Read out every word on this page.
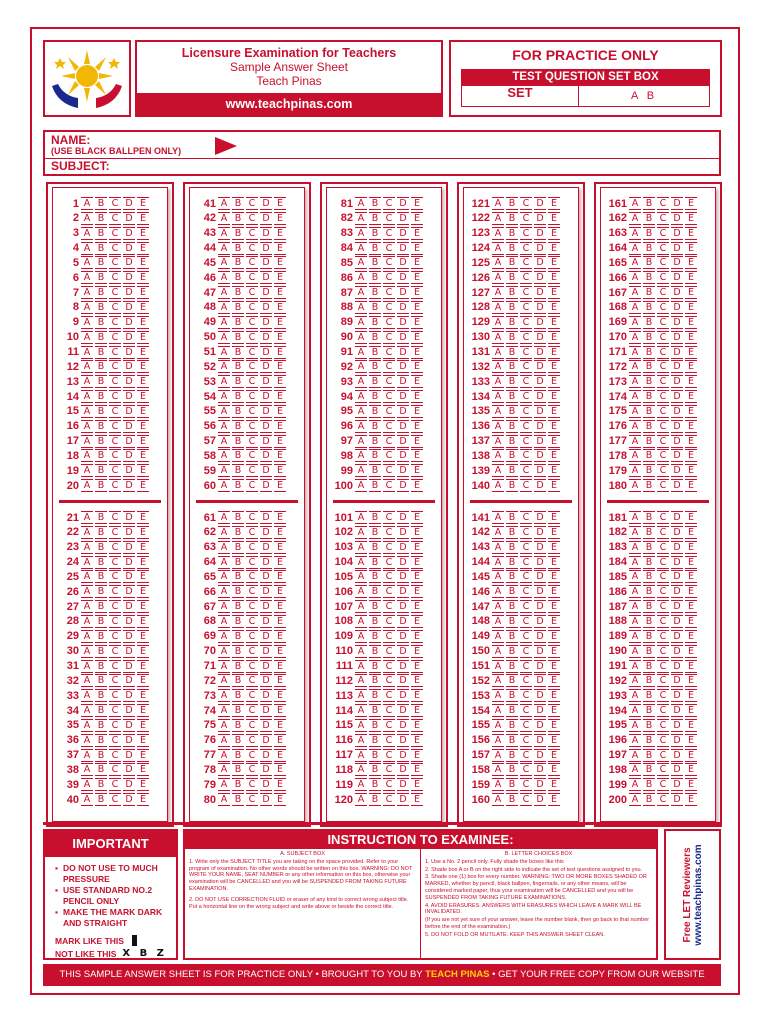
Licensure Examination for Teachers
Sample Answer Sheet
Teach Pinas
www.teachpinas.com
FOR PRACTICE ONLY
TEST QUESTION SET BOX
SET	A B
NAME:
(USE BLACK BALLPEN ONLY)
SUBJECT:
1 A B C D E
2 A B C D E
3 A B C D E
4 A B C D E
5 A B C D E
6 A B C D E
7 A B C D E
8 A B C D E
9 A B C D E
10 A B C D E
11 A B C D E
12 A B C D E
13 A B C D E
14 A B C D E
15 A B C D E
16 A B C D E
17 A B C D E
18 A B C D E
19 A B C D E
20 A B C D E
21 A B C D E
22 A B C D E
23 A B C D E
24 A B C D E
25 A B C D E
26 A B C D E
27 A B C D E
28 A B C D E
29 A B C D E
30 A B C D E
31 A B C D E
32 A B C D E
33 A B C D E
34 A B C D E
35 A B C D E
36 A B C D E
37 A B C D E
38 A B C D E
39 A B C D E
40 A B C D E
41 A B C D E
42 A B C D E
43 A B C D E
44 A B C D E
45 A B C D E
46 A B C D E
47 A B C D E
48 A B C D E
49 A B C D E
50 A B C D E
51 A B C D E
52 A B C D E
53 A B C D E
54 A B C D E
55 A B C D E
56 A B C D E
57 A B C D E
58 A B C D E
59 A B C D E
60 A B C D E
61 A B C D E
62 A B C D E
63 A B C D E
64 A B C D E
65 A B C D E
66 A B C D E
67 A B C D E
68 A B C D E
69 A B C D E
70 A B C D E
71 A B C D E
72 A B C D E
73 A B C D E
74 A B C D E
75 A B C D E
76 A B C D E
77 A B C D E
78 A B C D E
79 A B C D E
80 A B C D E
81 A B C D E
82 A B C D E
83 A B C D E
84 A B C D E
85 A B C D E
86 A B C D E
87 A B C D E
88 A B C D E
89 A B C D E
90 A B C D E
91 A B C D E
92 A B C D E
93 A B C D E
94 A B C D E
95 A B C D E
96 A B C D E
97 A B C D E
98 A B C D E
99 A B C D E
100 A B C D E
101 A B C D E
102 A B C D E
103 A B C D E
104 A B C D E
105 A B C D E
106 A B C D E
107 A B C D E
108 A B C D E
109 A B C D E
110 A B C D E
111 A B C D E
112 A B C D E
113 A B C D E
114 A B C D E
115 A B C D E
116 A B C D E
117 A B C D E
118 A B C D E
119 A B C D E
120 A B C D E
121 A B C D E
122 A B C D E
123 A B C D E
124 A B C D E
125 A B C D E
126 A B C D E
127 A B C D E
128 A B C D E
129 A B C D E
130 A B C D E
131 A B C D E
132 A B C D E
133 A B C D E
134 A B C D E
135 A B C D E
136 A B C D E
137 A B C D E
138 A B C D E
139 A B C D E
140 A B C D E
141 A B C D E
142 A B C D E
143 A B C D E
144 A B C D E
145 A B C D E
146 A B C D E
147 A B C D E
148 A B C D E
149 A B C D E
150 A B C D E
151 A B C D E
152 A B C D E
153 A B C D E
154 A B C D E
155 A B C D E
156 A B C D E
157 A B C D E
158 A B C D E
159 A B C D E
160 A B C D E
161 A B C D E
162 A B C D E
163 A B C D E
164 A B C D E
165 A B C D E
166 A B C D E
167 A B C D E
168 A B C D E
169 A B C D E
170 A B C D E
171 A B C D E
172 A B C D E
173 A B C D E
174 A B C D E
175 A B C D E
176 A B C D E
177 A B C D E
178 A B C D E
179 A B C D E
180 A B C D E
181 A B C D E
182 A B C D E
183 A B C D E
184 A B C D E
185 A B C D E
186 A B C D E
187 A B C D E
188 A B C D E
189 A B C D E
190 A B C D E
191 A B C D E
192 A B C D E
193 A B C D E
194 A B C D E
195 A B C D E
196 A B C D E
197 A B C D E
198 A B C D E
199 A B C D E
200 A B C D E
IMPORTANT
▪ DO NOT USE TO MUCH PRESSURE
▪ USE STANDARD NO.2 PENCIL ONLY
▪ MAKE THE MARK DARK AND STRAIGHT
MARK LIKE THIS
NOT LIKE THIS X B Z
INSTRUCTION TO EXAMINEE:
A. SUBJECT BOX

1. Write only the SUBJECT TITLE you are taking on the space provided. Refer to your program of examination. No other words should be written on this box. WARNING: DO NOT WRITE YOUR NAME, SEAT NUMBER or any other information on this box, otherwise your examination will be CANCELLED and you will be SUSPENDED FROM TAKING FUTURE EXAMINATION.

2. DO NOT USE CORRECTION FLUID or eraser of any kind to correct wrong subject title. Put a horizontal line on the wrong subject and write above or beside the correct title.

B. LETTER CHOICES BOX

1. Use a No. 2 pencil only. Fully shade the boxes like this

2. Shade box A or B on the right side to indicate the set of test questions assigned to you.

3. Shade one (1) box for every number. WARNING: TWO OR MORE BOXES SHADED OR MARKED, whether by pencil, black ballpen, fingernails, or any other means, will be considered marked paper, thus your examination will be CANCELLED and you will be SUSPENDED FROM TAKING FUTURE EXAMINATIONS.

4. AVOID ERASURES. ANSWERS WITH ERASURES WHICH LEAVE A MARK WILL BE INVALIDATED.

(If you are not yet sure of your answer, leave the number blank, then go back to that number before the end of the examination.)

5. DO NOT FOLD OR MUTILATE. KEEP THIS ANSWER SHEET CLEAN.	Free LET Reviewers www.teachpinas.com
THIS SAMPLE ANSWER SHEET IS FOR PRACTICE ONLY • BROUGHT TO YOU BY TEACH PINAS • GET YOUR FREE COPY FROM OUR WEBSITE
